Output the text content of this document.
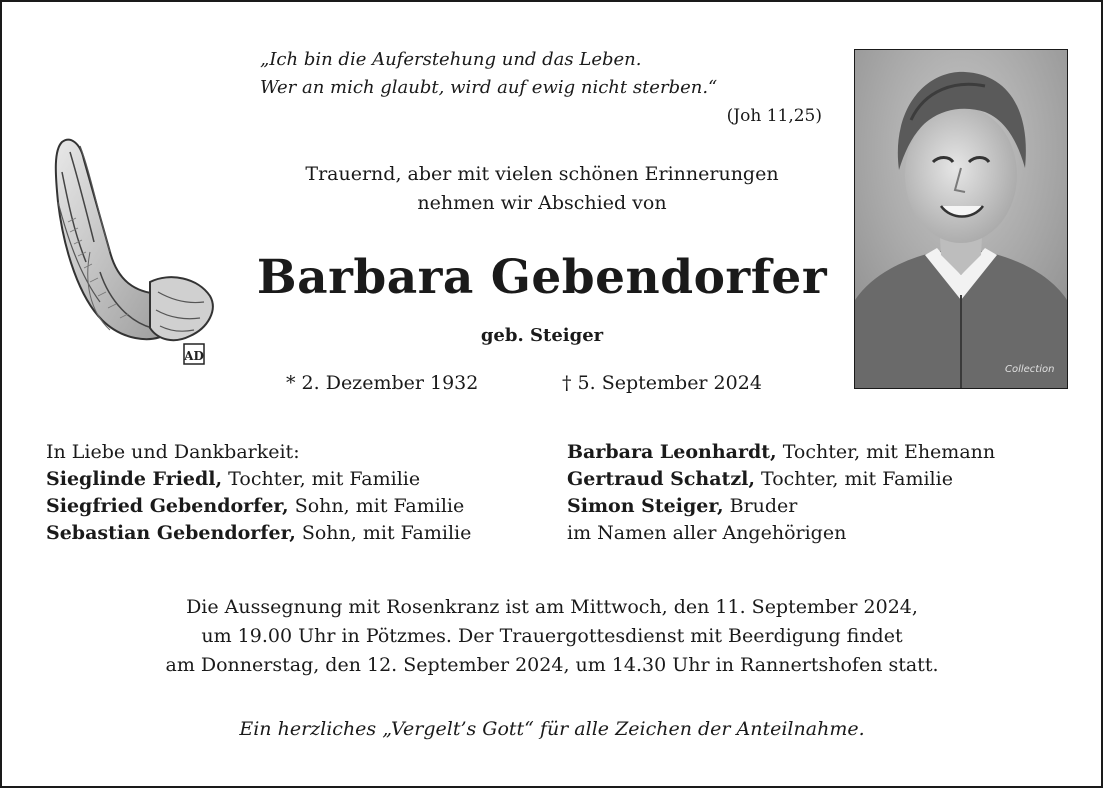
AD
„Ich bin die Auferstehung und das Leben.
Wer an mich glaubt, wird auf ewig nicht sterben.“
(Joh 11,25)
Trauernd, aber mit vielen schönen Erinnerungen
nehmen wir Abschied von
Barbara Gebendorfer
geb. Steiger
* 2. Dezember 1932	† 5. September 2024
Collection
In Liebe und Dankbarkeit:
Sieglinde Friedl, Tochter, mit Familie
Siegfried Gebendorfer, Sohn, mit Familie
Sebastian Gebendorfer, Sohn, mit Familie
Barbara Leonhardt, Tochter, mit Ehemann
Gertraud Schatzl, Tochter, mit Familie
Simon Steiger, Bruder
im Namen aller Angehörigen
Die Aussegnung mit Rosenkranz ist am Mittwoch, den 11. September 2024,
um 19.00 Uhr in Pötzmes. Der Trauergottesdienst mit Beerdigung findet
am Donnerstag, den 12. September 2024, um 14.30 Uhr in Rannertshofen statt.
Ein herzliches „Vergelt’s Gott“ für alle Zeichen der Anteilnahme.
